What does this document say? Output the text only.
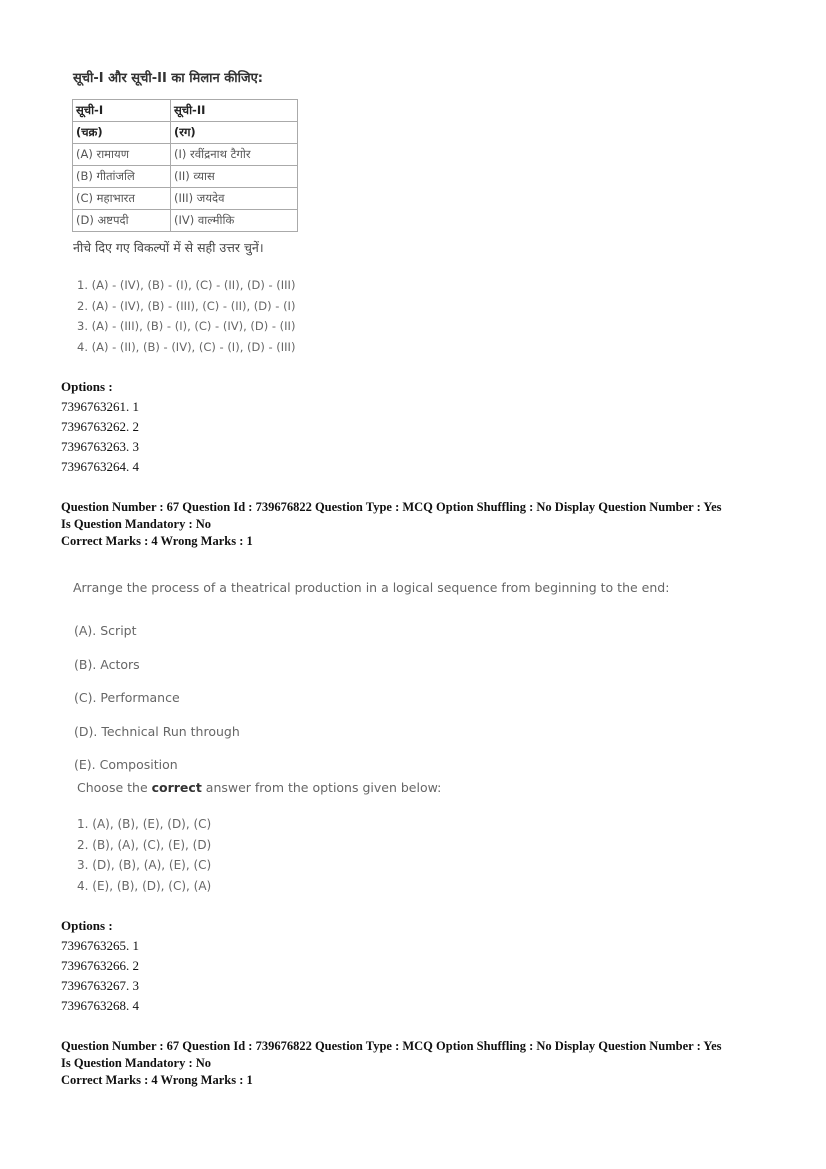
सूची-I और सूची-II का मिलान कीजिए:
सूची-I	सूची-II
(चक्र)	(रग)
(A) रामायण	(I) रवींद्रनाथ टैगोर
(B) गीतांजलि	(II) व्यास
(C) महाभारत	(III) जयदेव
(D) अष्टपदी	(IV) वाल्मीकि
नीचे दिए गए विकल्पों में से सही उत्तर चुनें।
1. (A) - (IV), (B) - (I), (C) - (II), (D) - (III)
2. (A) - (IV), (B) - (III), (C) - (II), (D) - (I)
3. (A) - (III), (B) - (I), (C) - (IV), (D) - (II)
4. (A) - (II), (B) - (IV), (C) - (I), (D) - (III)
Options :
7396763261. 1
7396763262. 2
7396763263. 3
7396763264. 4
Question Number : 67 Question Id : 739676822 Question Type : MCQ Option Shuffling : No Display Question Number : Yes
Is Question Mandatory : No
Correct Marks : 4 Wrong Marks : 1
Arrange the process of a theatrical production in a logical sequence from beginning to the end:
(A). Script
(B). Actors
(C). Performance
(D). Technical Run through
(E). Composition
Choose the correct answer from the options given below:
1. (A), (B), (E), (D), (C)
2. (B), (A), (C), (E), (D)
3. (D), (B), (A), (E), (C)
4. (E), (B), (D), (C), (A)
Options :
7396763265. 1
7396763266. 2
7396763267. 3
7396763268. 4
Question Number : 67 Question Id : 739676822 Question Type : MCQ Option Shuffling : No Display Question Number : Yes
Is Question Mandatory : No
Correct Marks : 4 Wrong Marks : 1
